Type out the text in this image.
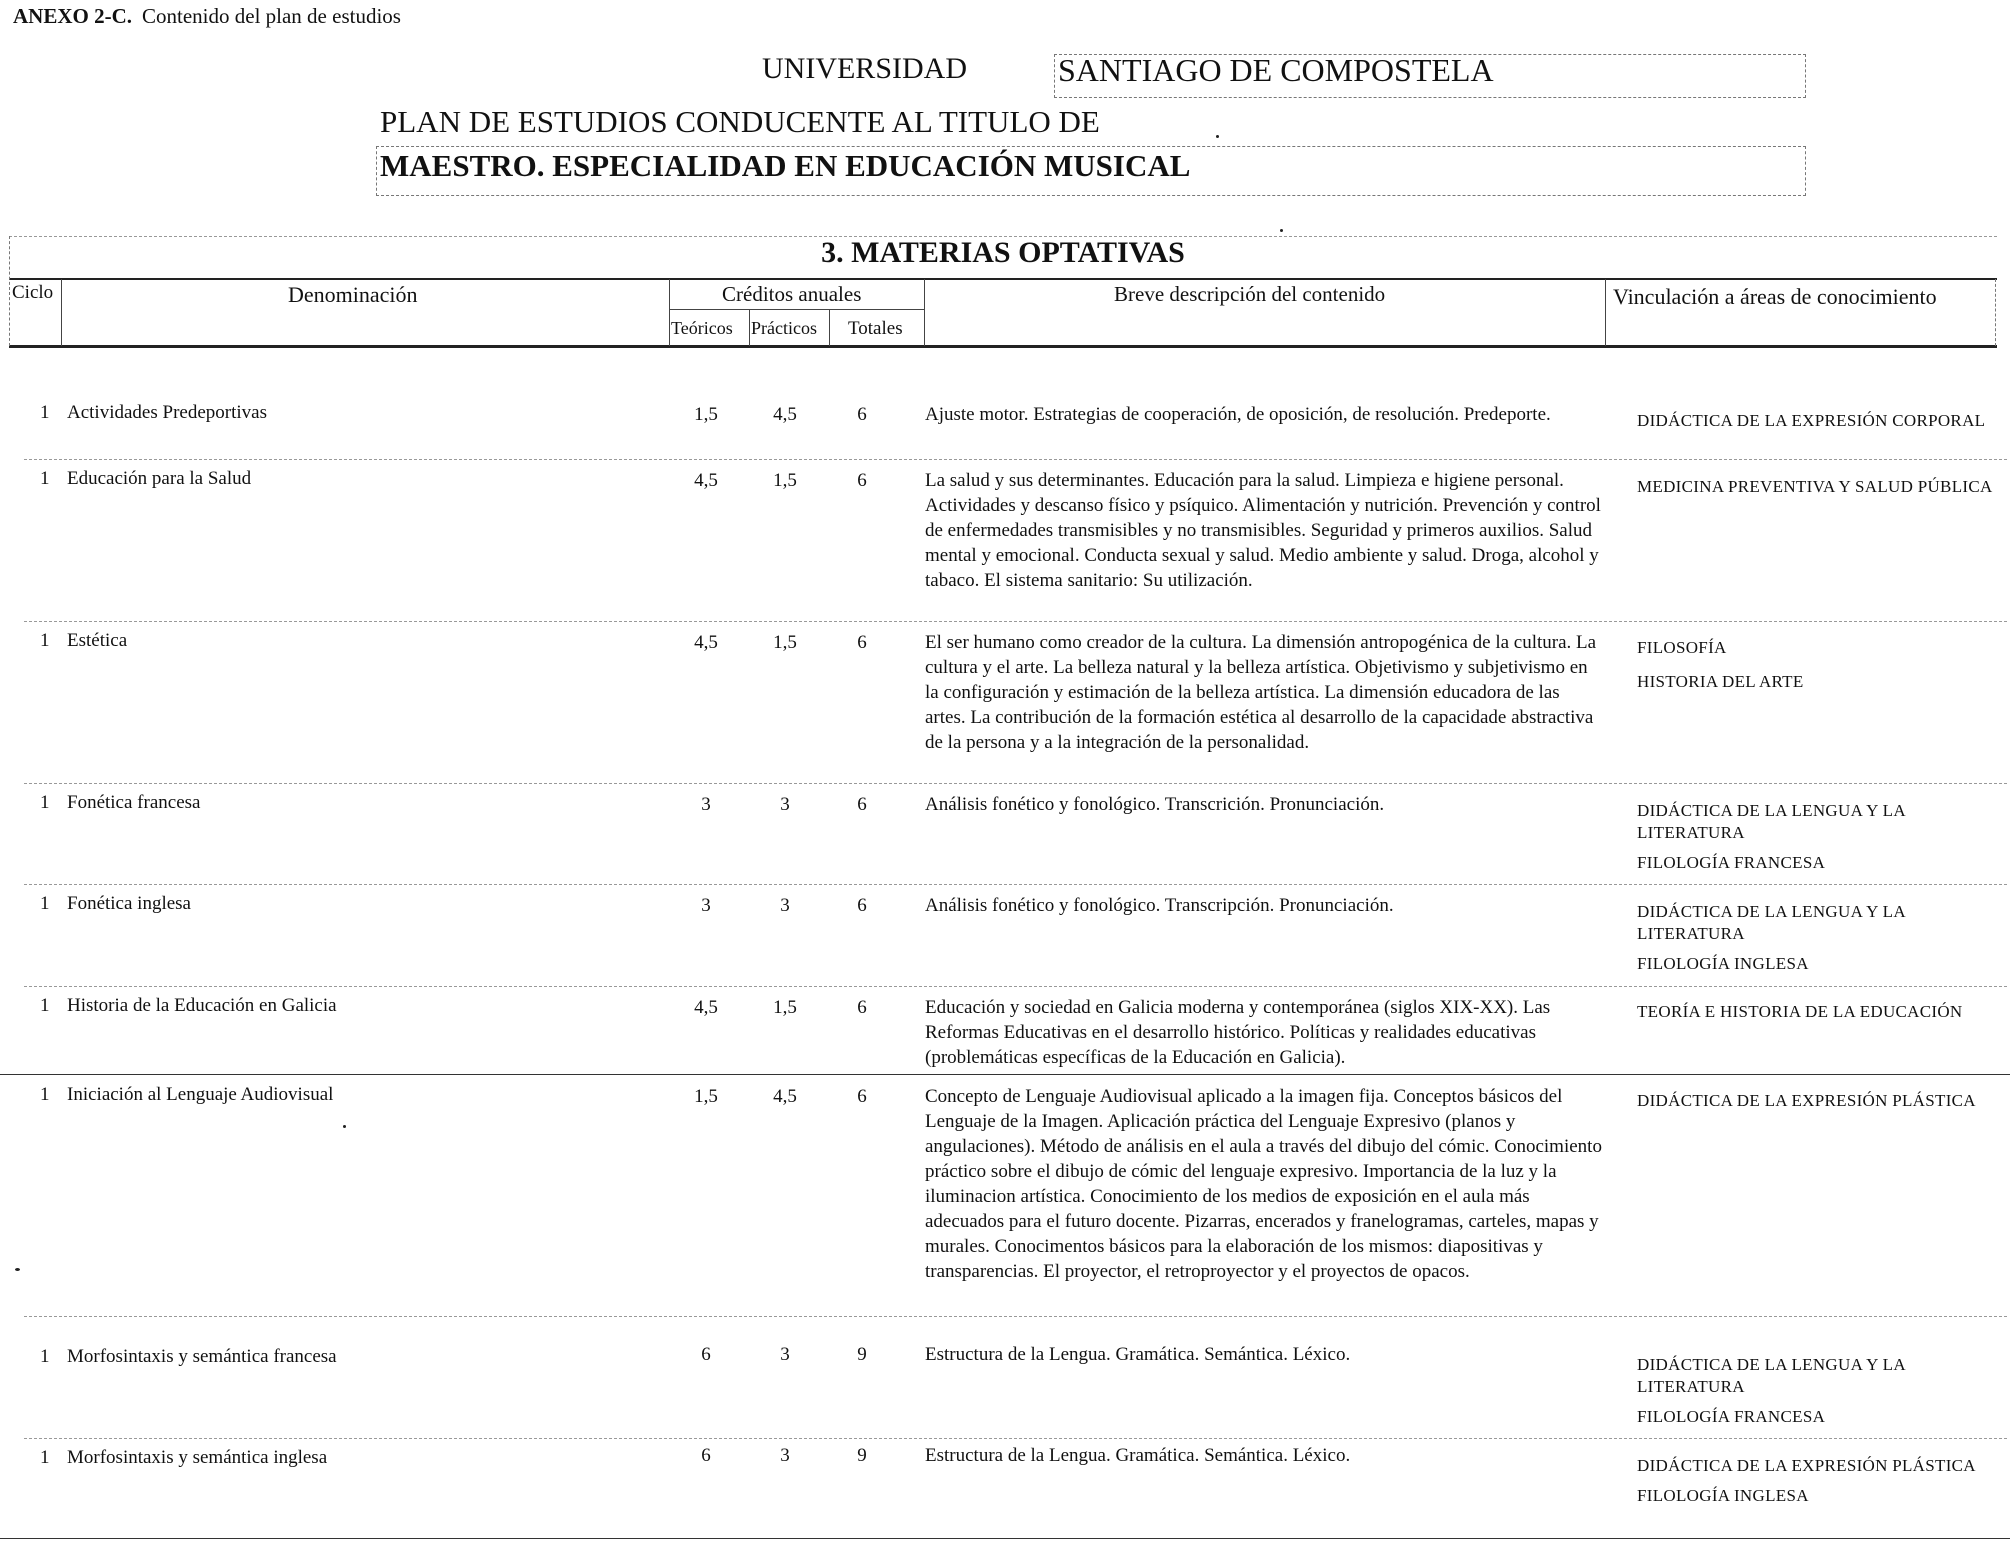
ANEXO 2-C. Contenido del plan de estudios
UNIVERSIDAD	SANTIAGO DE COMPOSTELA
PLAN DE ESTUDIOS CONDUCENTE AL TITULO DE
MAESTRO. ESPECIALIDAD EN EDUCACIÓN MUSICAL
3. MATERIAS OPTATIVAS
Ciclo	Denominación	Créditos anuales
Teóricos Prácticos Totales
Breve descripción del contenido	Vinculación a áreas de conocimiento
1 Actividades Predeportivas	1,5	4,5	6	Ajuste motor. Estrategias de cooperación, de oposición, de resolución. Predeporte.	DIDÁCTICA DE LA EXPRESIÓN CORPORAL
1 Educación para la Salud	4,5	1,5	6	La salud y sus determinantes. Educación para la salud. Limpieza e higiene personal. Actividades y descanso físico y psíquico. Alimentación y nutrición. Prevención y control de enfermedades transmisibles y no transmisibles. Seguridad y primeros auxilios. Salud mental y emocional. Conducta sexual y salud. Medio ambiente y salud. Droga, alcohol y tabaco. El sistema sanitario: Su utilización.
MEDICINA PREVENTIVA Y SALUD PÚBLICA
1 Estética	4,5	1,5	6	El ser humano como creador de la cultura. La dimensión antropogénica de la cultura. La cultura y el arte. La belleza natural y la belleza artística. Objetivismo y subjetivismo en la configuración y estimación de la belleza artística. La dimensión educadora de las artes. La contribución de la formación estética al desarrollo de la capacidade abstractiva de la persona y a la integración de la personalidad.
FILOSOFÍA
HISTORIA DEL ARTE
1 Fonética francesa	3	3	6	Análisis fonético y fonológico. Transcrición. Pronunciación.	DIDÁCTICA DE LA LENGUA Y LA LITERATURA
FILOLOGÍA FRANCESA
1 Fonética inglesa	3	3	6	Análisis fonético y fonológico. Transcripción. Pronunciación.	DIDÁCTICA DE LA LENGUA Y LA LITERATURA
FILOLOGÍA INGLESA
1 Historia de la Educación en Galicia	4,5	1,5	6	Educación y sociedad en Galicia moderna y contemporánea (siglos XIX-XX). Las Reformas Educativas en el desarrollo histórico. Políticas y realidades educativas (problemáticas específicas de la Educación en Galicia).
TEORÍA E HISTORIA DE LA EDUCACIÓN
1 Iniciación al Lenguaje Audiovisual	1,5	4,5	6	Concepto de Lenguaje Audiovisual aplicado a la imagen fija. Conceptos básicos del Lenguaje de la Imagen. Aplicación práctica del Lenguaje Expresivo (planos y angulaciones). Método de análisis en el aula a través del dibujo del cómic. Conocimiento práctico sobre el dibujo de cómic del lenguaje expresivo. Importancia de la luz y la iluminacion artística. Conocimiento de los medios de exposición en el aula más adecuados para el futuro docente. Pizarras, encerados y franelogramas, carteles, mapas y murales. Conocimentos básicos para la elaboración de los mismos: diapositivas y transparencias. El proyector, el retroproyector y el proyectos de opacos.
DIDÁCTICA DE LA EXPRESIÓN PLÁSTICA
1 Morfosintaxis y semántica francesa	6	3	9	Estructura de la Lengua. Gramática. Semántica. Léxico.	DIDÁCTICA DE LA LENGUA Y LA LITERATURA
FILOLOGÍA FRANCESA
1 Morfosintaxis y semántica inglesa	6	3	9	Estructura de la Lengua. Gramática. Semántica. Léxico.	DIDÁCTICA DE LA EXPRESIÓN PLÁSTICA
FILOLOGÍA INGLESA
